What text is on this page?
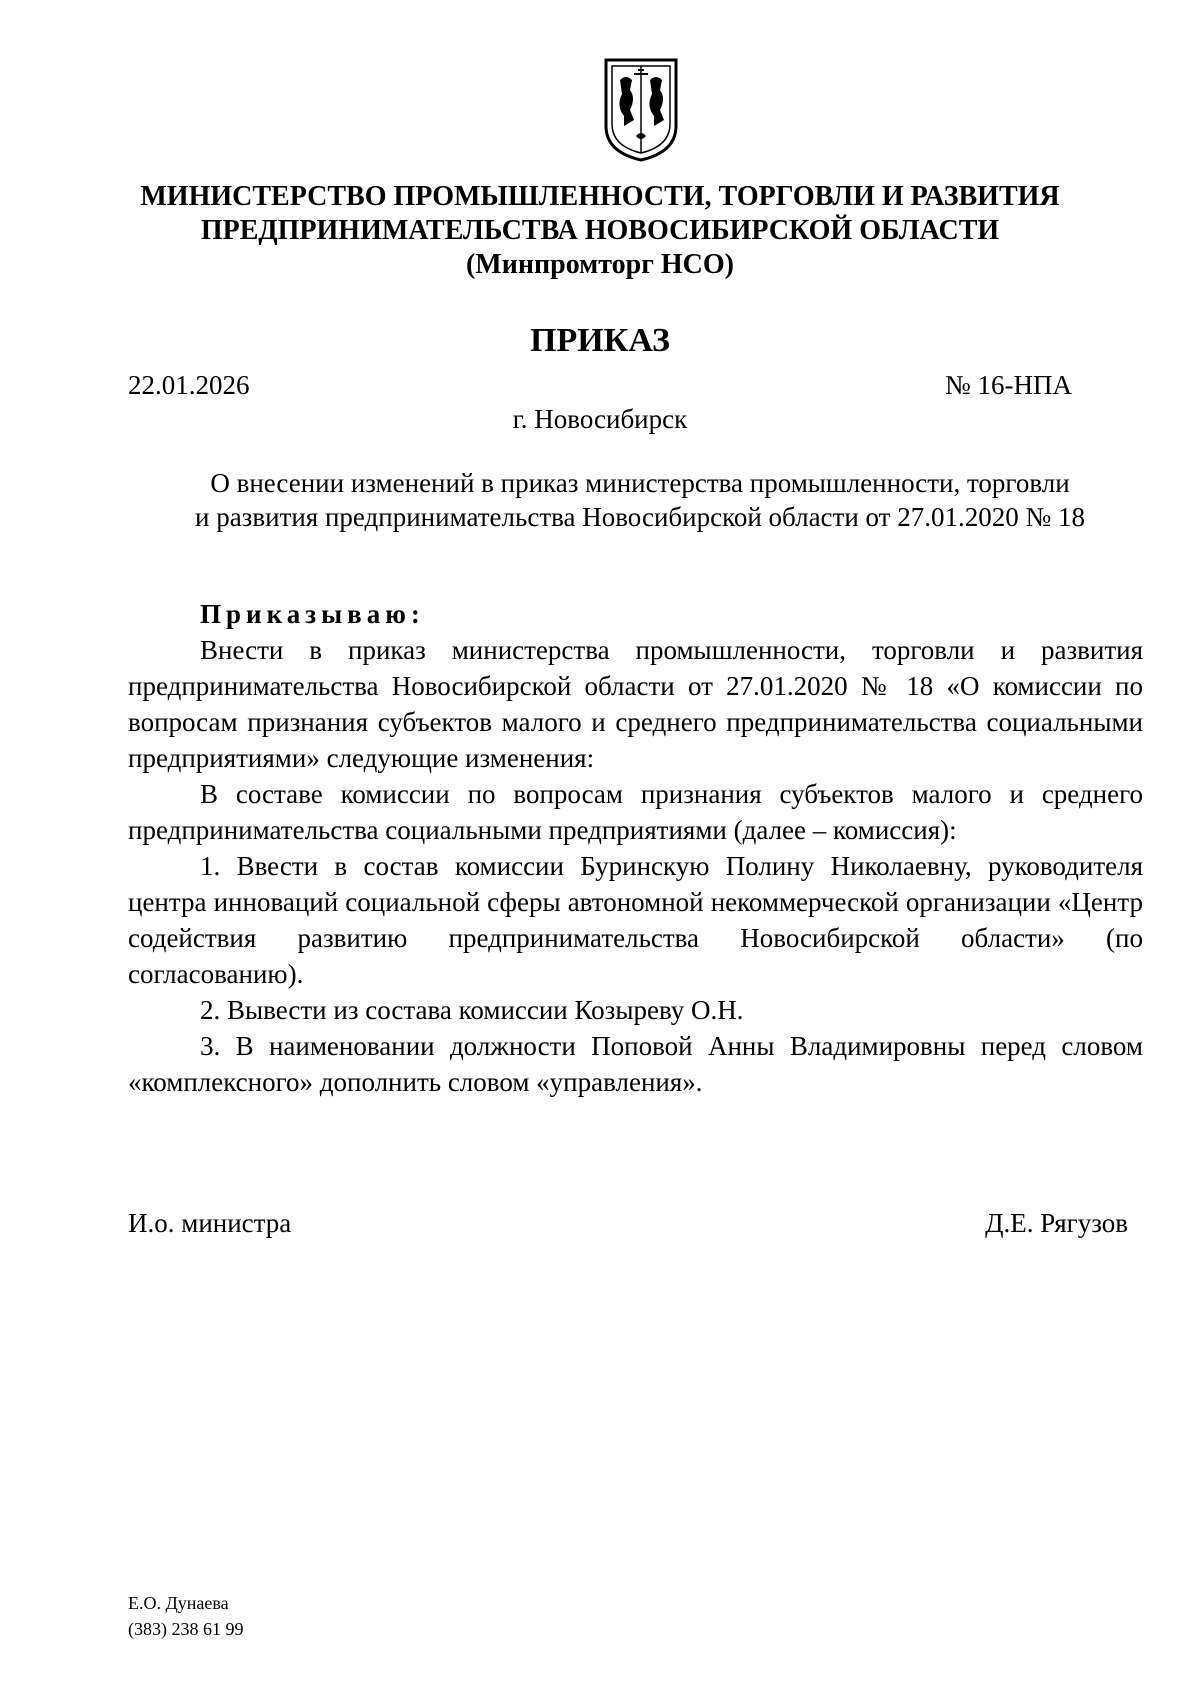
МИНИСТЕРСТВО ПРОМЫШЛЕННОСТИ, ТОРГОВЛИ И РАЗВИТИЯ
ПРЕДПРИНИМАТЕЛЬСТВА НОВОСИБИРСКОЙ ОБЛАСТИ
(Минпромторг НСО)
ПРИКАЗ
22.01.2026	№ 16-НПА
г. Новосибирск
О внесении изменений в приказ министерства промышленности, торговли
и развития предпринимательства Новосибирской области от 27.01.2020 № 18

Приказываю:

Внести в приказ министерства промышленности, торговли и развития предпринимательства Новосибирской области от 27.01.2020 № 18 «О комиссии по вопросам признания субъектов малого и среднего предпринимательства социальными предприятиями» следующие изменения:

В составе комиссии по вопросам признания субъектов малого и среднего предпринимательства социальными предприятиями (далее – комиссия):

1. Ввести в состав комиссии Буринскую Полину Николаевну, руководителя центра инноваций социальной сферы автономной некоммерческой организации «Центр содействия развитию предпринимательства Новосибирской области» (по согласованию).

2. Вывести из состава комиссии Козыреву О.Н.

3. В наименовании должности Поповой Анны Владимировны перед словом «комплексного» дополнить словом «управления».

И.о. министра	Д.Е. Рягузов
Е.О. Дунаева
(383) 238 61 99
